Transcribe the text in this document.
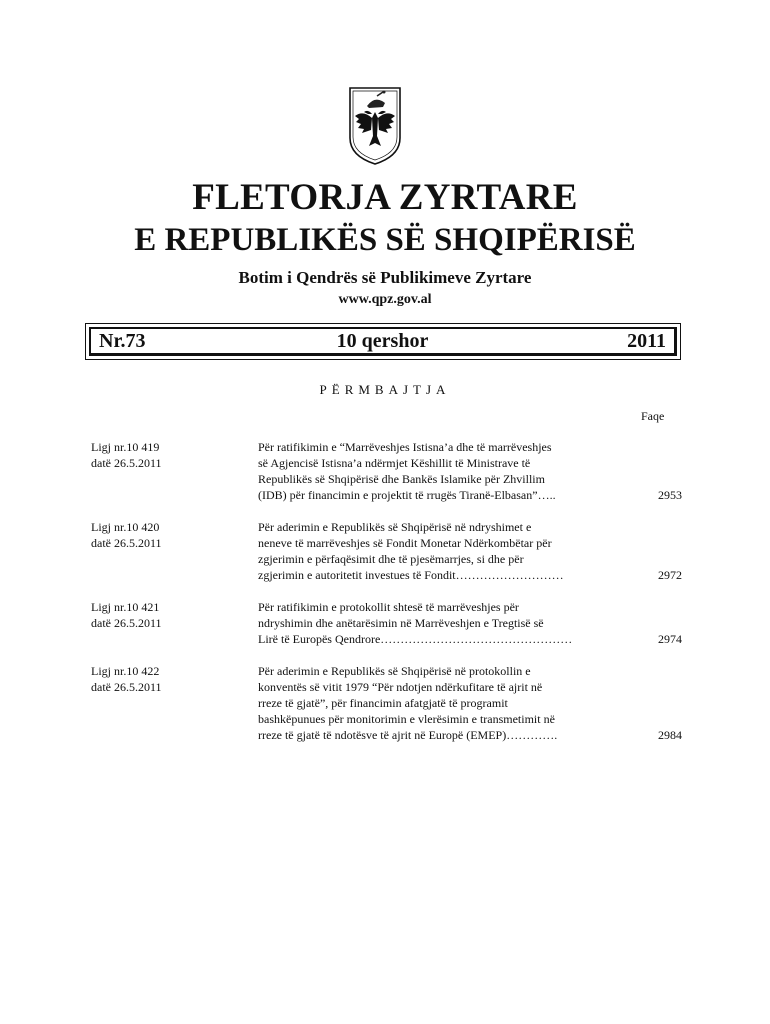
FLETORJA ZYRTARE
E REPUBLIKËS SË SHQIPËRISË
Botim i Qendrës së Publikimeve Zyrtare
www.qpz.gov.al
Nr.73	10 qershor	2011
PËRMBAJTJA
Faqe
Ligj nr.10 419
datë 26.5.2011
Për ratifikimin e “Marrëveshjes Istisna’a dhe të marrëveshjes
së Agjencisë Istisna’a ndërmjet Këshillit të Ministrave të
Republikës së Shqipërisë dhe Bankës Islamike për Zhvillim
(IDB) për financimin e projektit të rrugës Tiranë-Elbasan”…..	2953
Ligj nr.10 420
datë 26.5.2011
Për aderimin e Republikës së Shqipërisë në ndryshimet e
neneve të marrëveshjes së Fondit Monetar Ndërkombëtar për
zgjerimin e përfaqësimit dhe të pjesëmarrjes, si dhe për
zgjerimin e autoritetit investues të Fondit………………………	2972
Ligj nr.10 421
datë 26.5.2011
Për ratifikimin e protokollit shtesë të marrëveshjes për
ndryshimin dhe anëtarësimin në Marrëveshjen e Tregtisë së
Lirë të Europës Qendrore…………………………………………	2974
Ligj nr.10 422
datë 26.5.2011
Për aderimin e Republikës së Shqipërisë në protokollin e
konventës së vitit 1979 “Për ndotjen ndërkufitare të ajrit në
rreze të gjatë”, për financimin afatgjatë të programit
bashkëpunues për monitorimin e vlerësimin e transmetimit në
rreze të gjatë të ndotësve të ajrit në Europë (EMEP)………….	2984
